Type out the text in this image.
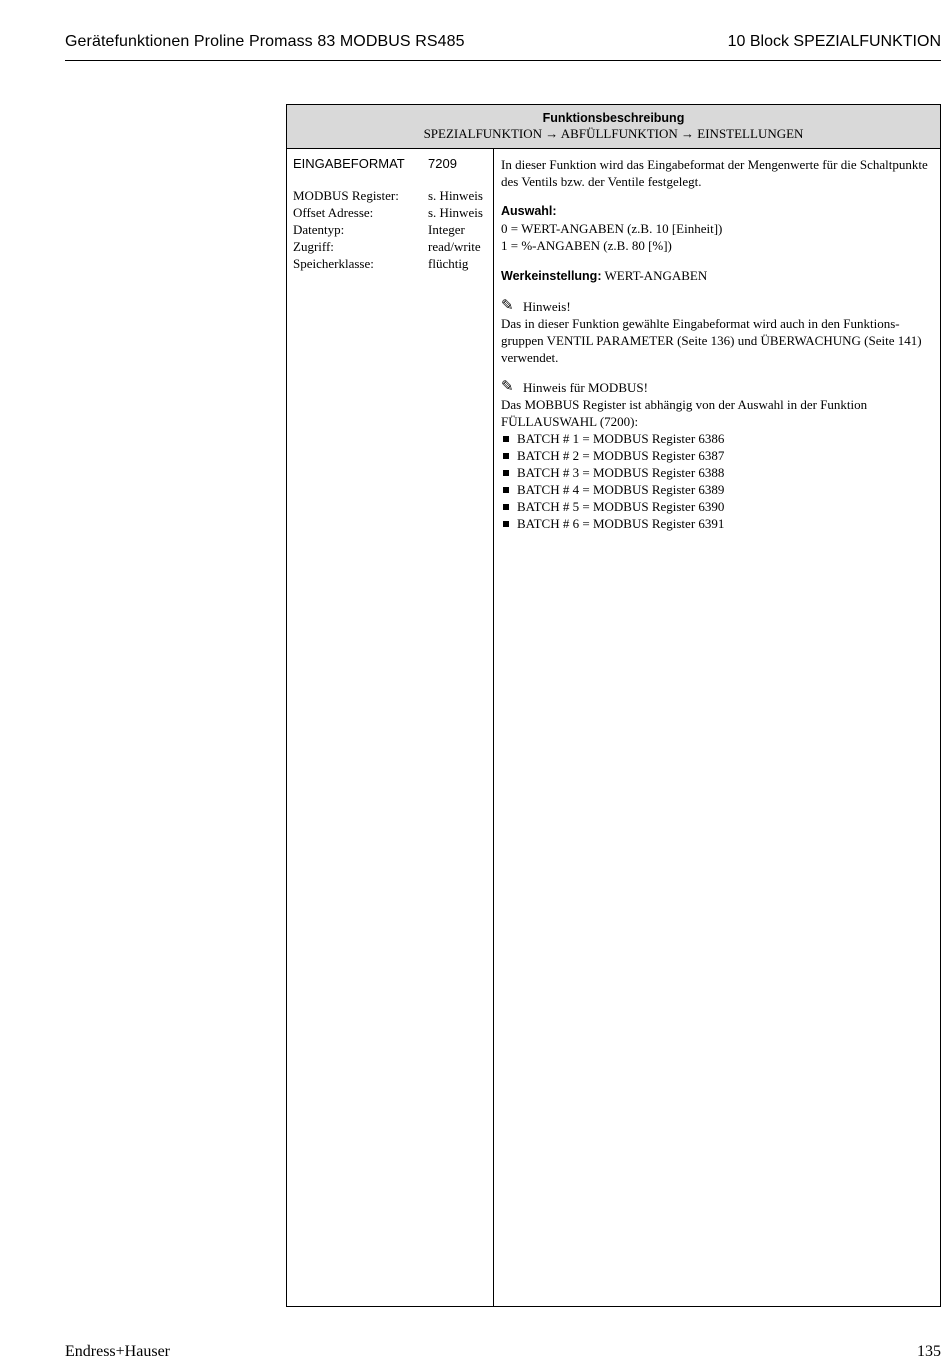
Gerätefunktionen Proline Promass 83 MODBUS RS485	10 Block SPEZIALFUNKTION
Funktionsbeschreibung
SPEZIALFUNKTION → ABFÜLLFUNKTION → EINSTELLUNGEN
EINGABEFORMAT 7209
MODBUS Register:	s. Hinweis
Offset Adresse:	s. Hinweis
Datentyp:	Integer
Zugriff:	read/write
Speicherklasse:	flüchtig

In dieser Funktion wird das Eingabeformat der Mengenwerte für die Schaltpunkte des Ventils bzw. der Ventile festgelegt.

Auswahl:

0 = WERT-ANGABEN (z.B. 10 [Einheit])

1 = %-ANGABEN (z.B. 80 [%])

Werkeinstellung: WERT-ANGABEN

✎ Hinweis!

Das in dieser Funktion gewählte Eingabeformat wird auch in den Funktions-gruppen VENTIL PARAMETER (Seite 136) und ÜBERWACHUNG (Seite 141) verwendet.

✎ Hinweis für MODBUS!

Das MOBBUS Register ist abhängig von der Auswahl in der Funktion FÜLLAUSWAHL (7200):

BATCH # 1 = MODBUS Register 6386
BATCH # 2 = MODBUS Register 6387
BATCH # 3 = MODBUS Register 6388
BATCH # 4 = MODBUS Register 6389
BATCH # 5 = MODBUS Register 6390
BATCH # 6 = MODBUS Register 6391
Endress+Hauser	135
